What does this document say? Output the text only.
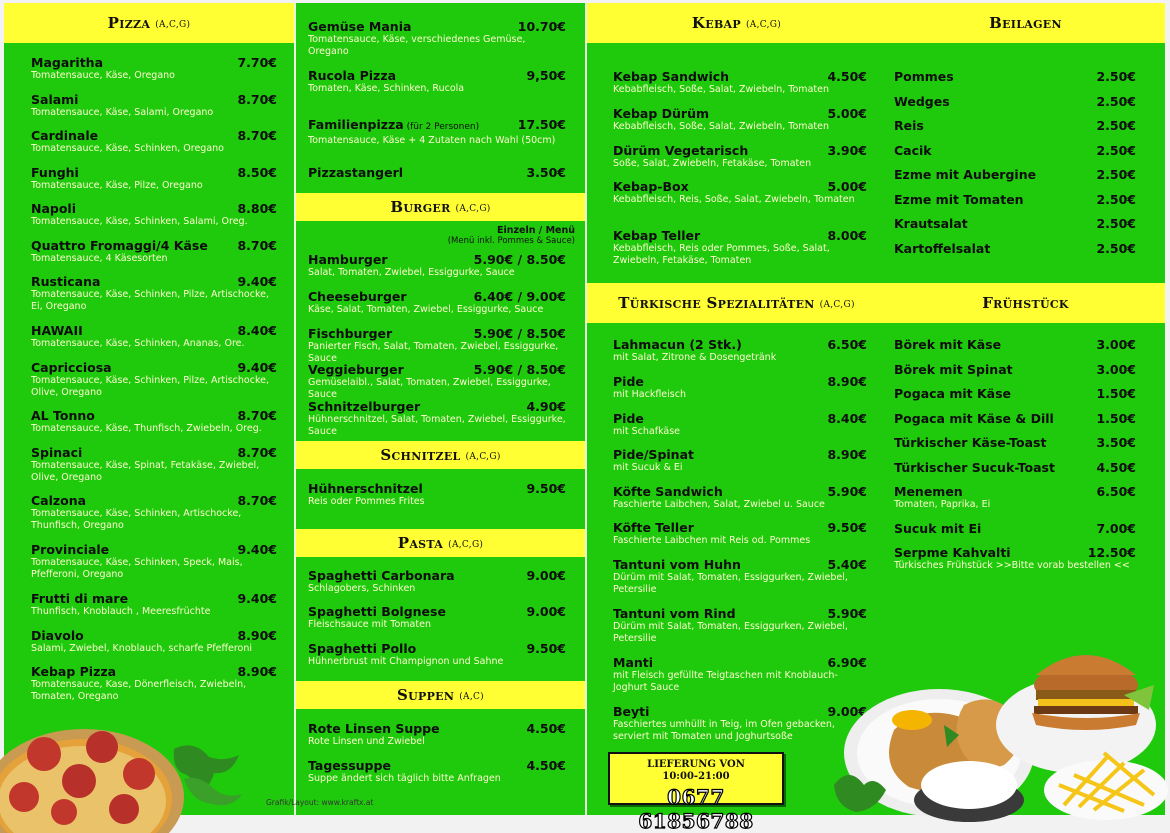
Pizza (A,C,G)
Magaritha	7.70€
Tomatensauce, Käse, Oregano
Salami	8.70€
Tomatensauce, Käse, Salami, Oregano
Cardinale	8.70€
Tomatensauce, Käse, Schinken, Oregano
Funghi	8.50€
Tomatensauce, Käse, Pilze, Oregano
Napoli	8.80€
Tomatensauce, Käse, Schinken, Salami, Oreg.
Quattro Fromaggi/4 Käse	8.70€
Tomatensauce, 4 Käsesorten
Rusticana	9.40€
Tomatensauce, Käse, Schinken, Pilze, Artischocke, Ei, Oregano
HAWAII	8.40€
Tomatensauce, Käse, Schinken, Ananas, Ore.
Capricciosa	9.40€
Tomatensauce, Käse, Schinken, Pilze, Artischocke, Olive, Oregano
AL Tonno	8.70€
Tomatensauce, Käse, Thunfisch, Zwiebeln, Oreg.
Spinaci	8.70€
Tomatensauce, Käse, Spinat, Fetakäse, Zwiebel, Olive, Oregano
Calzona	8.70€
Tomatensauce, Käse, Schinken, Artischocke, Thunfisch, Oregano
Provinciale	9.40€
Tomatensauce, Käse, Schinken, Speck, Mais, Pfefferoni, Oregano
Frutti di mare	9.40€
Thunfisch, Knoblauch , Meeresfrüchte
Diavolo	8.90€
Salami, Zwiebel, Knoblauch, scharfe Pfefferoni
Kebap Pizza	8.90€
Tomatensauce, Kase, Dönerfleisch, Zwiebeln, Tomaten, Oregano
Gemüse Mania	10.70€
Tomatensauce, Käse, verschiedenes Gemüse, Oregano
Rucola Pizza	9,50€
Tomaten, Käse, Schinken, Rucola
Familienpizza (für 2 Personen)	17.50€
Tomatensauce, Käse + 4 Zutaten nach Wahl (50cm)
Pizzastangerl	3.50€
Burger (A,C,G)
Einzeln / Menü
(Menü inkl. Pommes & Sauce)
Hamburger	5.90€ / 8.50€
Salat, Tomaten, Zwiebel, Essiggurke, Sauce
Cheeseburger	6.40€ / 9.00€
Käse, Salat, Tomaten, Zwiebel, Essiggurke, Sauce
Fischburger	5.90€ / 8.50€
Panierter Fisch, Salat, Tomaten, Zwiebel, Essiggurke, Sauce
Veggieburger	5.90€ / 8.50€
Gemüselaibl., Salat, Tomaten, Zwiebel, Essiggurke, Sauce
Schnitzelburger	4.90€
Hühnerschnitzel, Salat, Tomaten, Zwiebel, Essiggurke, Sauce
Schnitzel (A,C,G)
Hühnerschnitzel	9.50€
Reis oder Pommes Frites
Pasta (A,C,G)
Spaghetti Carbonara	9.00€
Schlagobers, Schinken
Spaghetti Bolgnese	9.00€
Fleischsauce mit Tomaten
Spaghetti Pollo	9.50€
Hühnerbrust mit Champignon und Sahne
Suppen (A,C)
Rote Linsen Suppe	4.50€
Rote Linsen und Zwiebel
Tagessuppe	4.50€
Suppe ändert sich täglich bitte Anfragen
Grafik/Layout: www.kraftx.at
Kebap (A,C,G)
Kebap Sandwich	4.50€
Kebabfleisch, Soße, Salat, Zwiebeln, Tomaten
Kebap Dürüm	5.00€
Kebabfleisch, Soße, Salat, Zwiebeln, Tomaten
Dürüm Vegetarisch	3.90€
Soße, Salat, Zwiebeln, Fetakäse, Tomaten
Kebap-Box	5.00€
Kebabfleisch, Reis, Soße, Salat, Zwiebeln, Tomaten
Kebap Teller	8.00€
Kebabfleisch, Reis oder Pommes, Soße, Salat, Zwiebeln, Fetakäse, Tomaten
Türkische Spezialitäten (A,C,G)
Lahmacun (2 Stk.)	6.50€
mit Salat, Zitrone & Dosengetränk
Pide	8.90€
mit Hackfleisch
Pide	8.40€
mit Schafkäse
Pide/Spinat	8.90€
mit Sucuk & Ei
Köfte Sandwich	5.90€
Faschierte Laibchen, Salat, Zwiebel u. Sauce
Köfte Teller	9.50€
Faschierte Laibchen mit Reis od. Pommes
Tantuni vom Huhn	5.40€
Dürüm mit Salat, Tomaten, Essiggurken, Zwiebel, Petersilie
Tantuni vom Rind	5.90€
Dürüm mit Salat, Tomaten, Essiggurken, Zwiebel, Petersilie
Manti	6.90€
mit Fleisch gefüllte Teigtaschen mit Knoblauch-Joghurt Sauce
Beyti	9.00€
Faschiertes umhüllt in Teig, im Ofen gebacken, serviert mit Tomaten und Joghurtsoße
LIEFERUNG VON
10:00-21:00
0677 61856788
Beilagen
Pommes	2.50€
Wedges	2.50€
Reis	2.50€
Cacik	2.50€
Ezme mit Aubergine	2.50€
Ezme mit Tomaten	2.50€
Krautsalat	2.50€
Kartoffelsalat	2.50€
Frühstück
Börek mit Käse	3.00€
Börek mit Spinat	3.00€
Pogaca mit Käse	1.50€
Pogaca mit Käse & Dill	1.50€
Türkischer Käse-Toast	3.50€
Türkischer Sucuk-Toast	4.50€
Menemen	6.50€
Tomaten, Paprika, Ei
Sucuk mit Ei	7.00€
Serpme Kahvalti	12.50€
Türkisches Frühstück >>Bitte vorab bestellen <<
